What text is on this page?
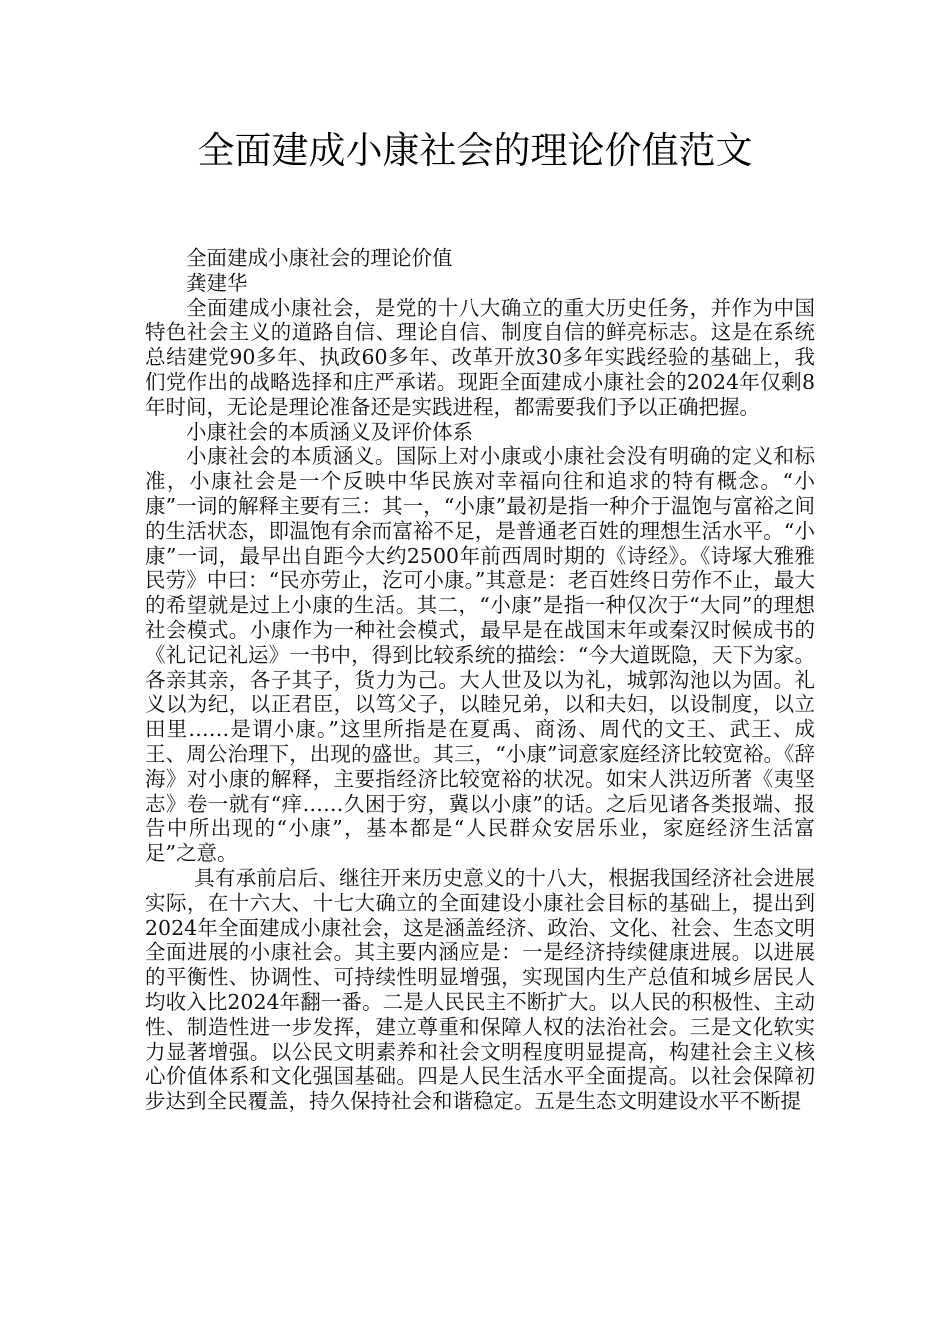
全面建成小康社会的理论价值范文

全面建成小康社会的理论价值

龚建华

全面建成小康社会，是党的十八大确立的重大历史任务，并作为中国特色社会主义的道路自信、理论自信、制度自信的鲜亮标志。这是在系统总结建党90多年、执政60多年、改革开放30多年实践经验的基础上，我们党作出的战略选择和庄严承诺。现距全面建成小康社会的2024年仅剩8年时间，无论是理论准备还是实践进程，都需要我们予以正确把握。

小康社会的本质涵义及评价体系

小康社会的本质涵义。国际上对小康或小康社会没有明确的定义和标准，小康社会是一个反映中华民族对幸福向往和追求的特有概念。“小康”一词的解释主要有三：其一，“小康”最初是指一种介于温饱与富裕之间的生活状态，即温饱有余而富裕不足，是普通老百姓的理想生活水平。“小康”一词，最早出自距今大约2500年前西周时期的《诗经》。《诗塚大雅雅民劳》中曰：“民亦劳止，汔可小康。”其意是：老百姓终日劳作不止，最大的希望就是过上小康的生活。其二，“小康”是指一种仅次于“大同”的理想社会模式。小康作为一种社会模式，最早是在战国末年或秦汉时候成书的《礼记记礼运》一书中，得到比较系统的描绘：“今大道既隐，天下为家。各亲其亲，各子其子，货力为己。大人世及以为礼，城郭沟池以为固。礼义以为纪，以正君臣，以笃父子，以睦兄弟，以和夫妇，以设制度，以立田里……是谓小康。”这里所指是在夏禹、商汤、周代的文王、武王、成王、周公治理下，出现的盛世。其三，“小康”词意家庭经济比较宽裕。《辞海》对小康的解释，主要指经济比较宽裕的状况。如宋人洪迈所著《夷坚志》卷一就有“痒……久困于穷，冀以小康”的话。之后见诸各类报端、报告中所出现的“小康”，基本都是“人民群众安居乐业，家庭经济生活富足”之意。

具有承前启后、继往开来历史意义的十八大，根据我国经济社会进展实际，在十六大、十七大确立的全面建设小康社会目标的基础上，提出到2024年全面建成小康社会，这是涵盖经济、政治、文化、社会、生态文明全面进展的小康社会。其主要内涵应是：一是经济持续健康进展。以进展的平衡性、协调性、可持续性明显增强，实现国内生产总值和城乡居民人均收入比2024年翻一番。二是人民民主不断扩大。以人民的积极性、主动性、制造性进一步发挥，建立尊重和保障人权的法治社会。三是文化软实力显著增强。以公民文明素养和社会文明程度明显提高，构建社会主义核心价值体系和文化强国基础。四是人民生活水平全面提高。以社会保障初步达到全民覆盖，持久保持社会和谐稳定。五是生态文明建设水平不断提
